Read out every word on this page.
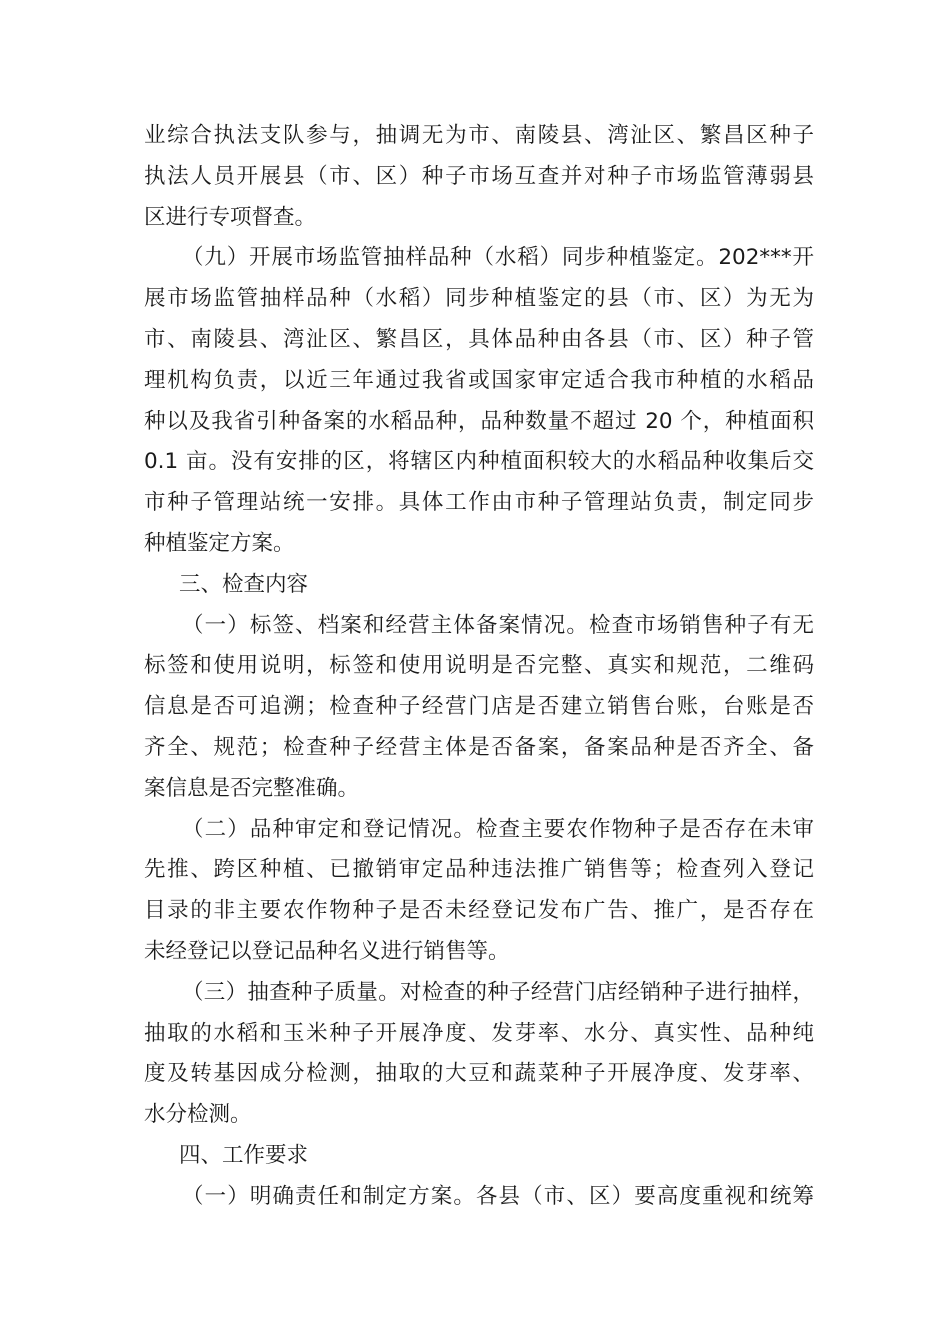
业综合执法支队参与，抽调无为市、南陵县、湾沚区、繁昌区种子
执法人员开展县（市、区）种子市场互查并对种子市场监管薄弱县
区进行专项督查。
（九）开展市场监管抽样品种（水稻）同步种植鉴定。202***开
展市场监管抽样品种（水稻）同步种植鉴定的县（市、区）为无为
市、南陵县、湾沚区、繁昌区，具体品种由各县（市、区）种子管
理机构负责，以近三年通过我省或国家审定适合我市种植的水稻品
种以及我省引种备案的水稻品种，品种数量不超过 20 个，种植面积
0.1 亩。没有安排的区，将辖区内种植面积较大的水稻品种收集后交
市种子管理站统一安排。具体工作由市种子管理站负责，制定同步
种植鉴定方案。
三、检查内容
（一）标签、档案和经营主体备案情况。检查市场销售种子有无
标签和使用说明，标签和使用说明是否完整、真实和规范，二维码
信息是否可追溯；检查种子经营门店是否建立销售台账，台账是否
齐全、规范；检查种子经营主体是否备案，备案品种是否齐全、备
案信息是否完整准确。
（二）品种审定和登记情况。检查主要农作物种子是否存在未审
先推、跨区种植、已撤销审定品种违法推广销售等；检查列入登记
目录的非主要农作物种子是否未经登记发布广告、推广，是否存在
未经登记以登记品种名义进行销售等。
（三）抽查种子质量。对检查的种子经营门店经销种子进行抽样，
抽取的水稻和玉米种子开展净度、发芽率、水分、真实性、品种纯
度及转基因成分检测，抽取的大豆和蔬菜种子开展净度、发芽率、
水分检测。
四、工作要求
（一）明确责任和制定方案。各县（市、区）要高度重视和统筹
